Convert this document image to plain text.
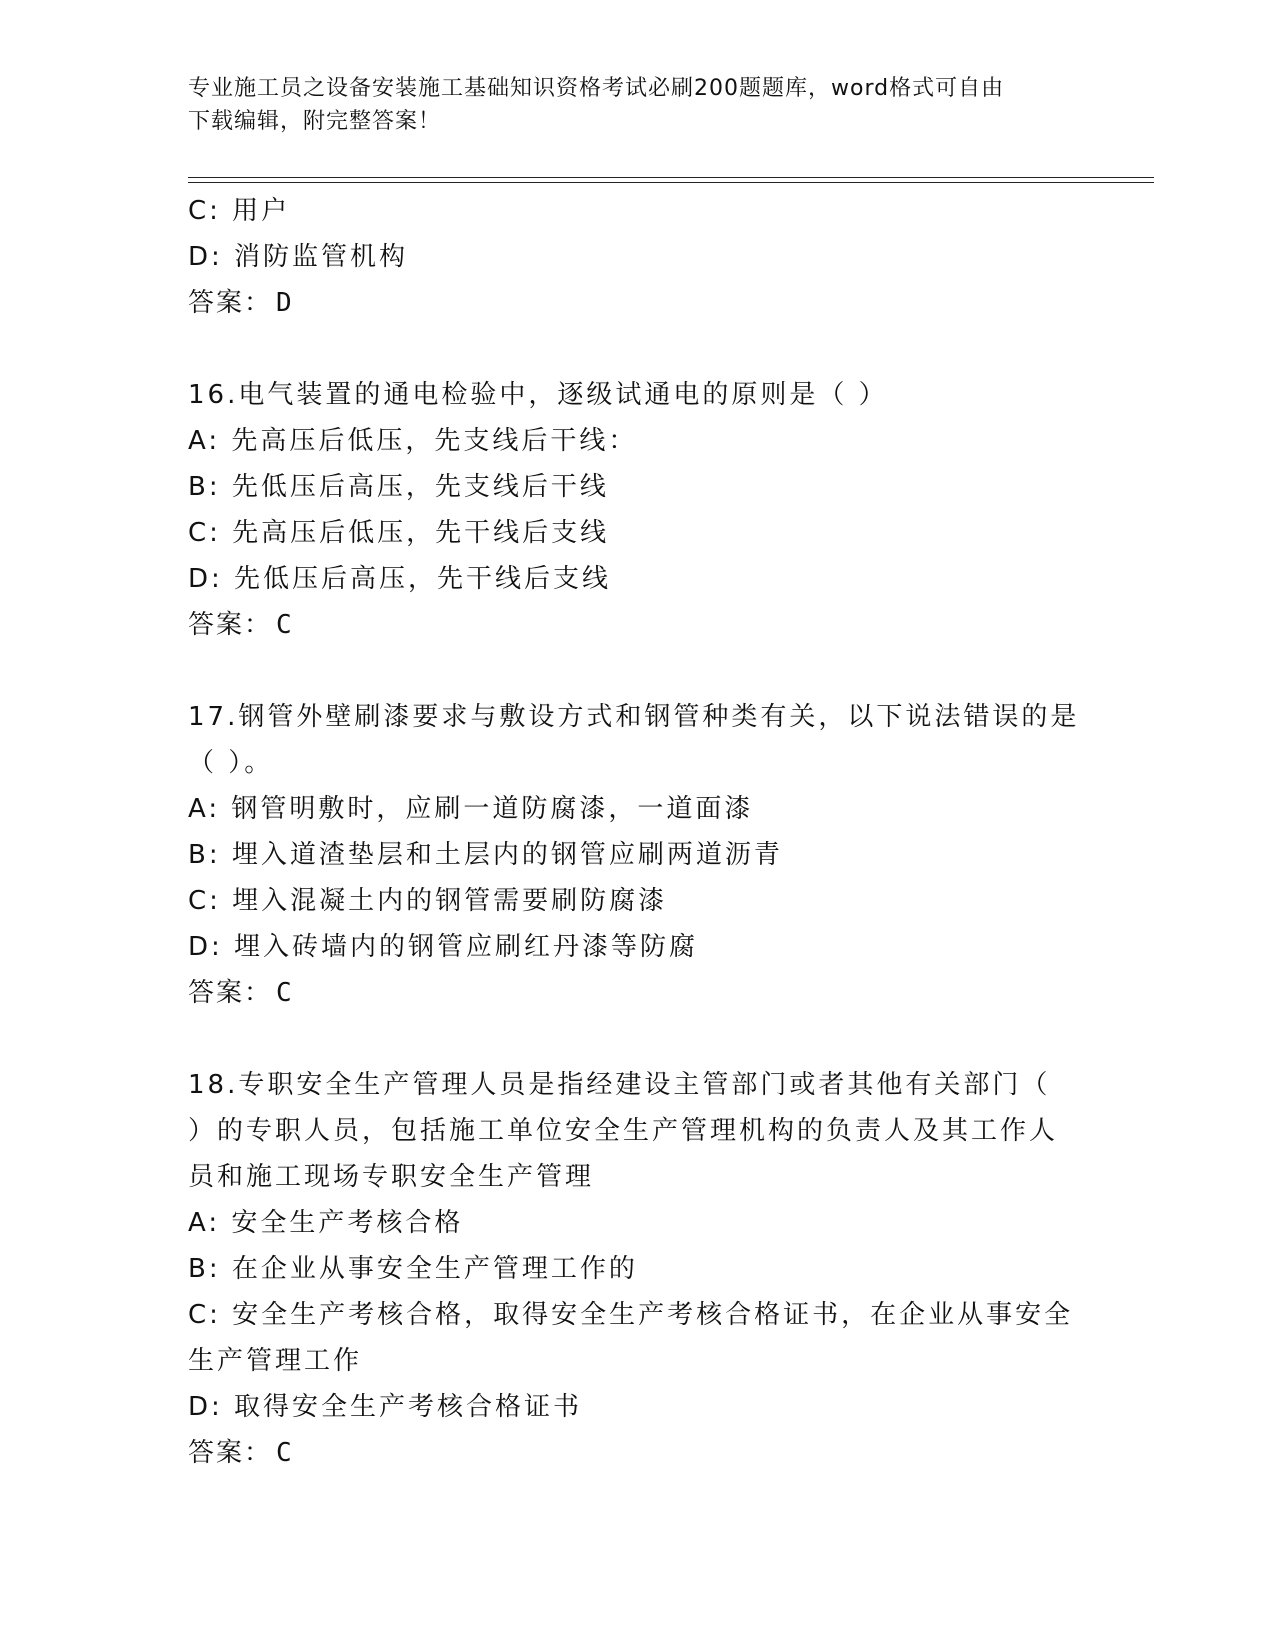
专业施工员之设备安装施工基础知识资格考试必刷200题题库，word格式可自由
下载编辑，附完整答案！
C: 用户
D: 消防监管机构
答案： D
16.电气装置的通电检验中，逐级试通电的原则是（ ）
A: 先高压后低压，先支线后干线：
B: 先低压后高压，先支线后干线
C: 先高压后低压，先干线后支线
D: 先低压后高压，先干线后支线
答案： C
17.钢管外壁刷漆要求与敷设方式和钢管种类有关，以下说法错误的是
（ ）。
A: 钢管明敷时，应刷一道防腐漆，一道面漆
B: 埋入道渣垫层和土层内的钢管应刷两道沥青
C: 埋入混凝土内的钢管需要刷防腐漆
D: 埋入砖墙内的钢管应刷红丹漆等防腐
答案： C
18.专职安全生产管理人员是指经建设主管部门或者其他有关部门（
）的专职人员，包括施工单位安全生产管理机构的负责人及其工作人
员和施工现场专职安全生产管理
A: 安全生产考核合格
B: 在企业从事安全生产管理工作的
C: 安全生产考核合格，取得安全生产考核合格证书，在企业从事安全
生产管理工作
D: 取得安全生产考核合格证书
答案： C
